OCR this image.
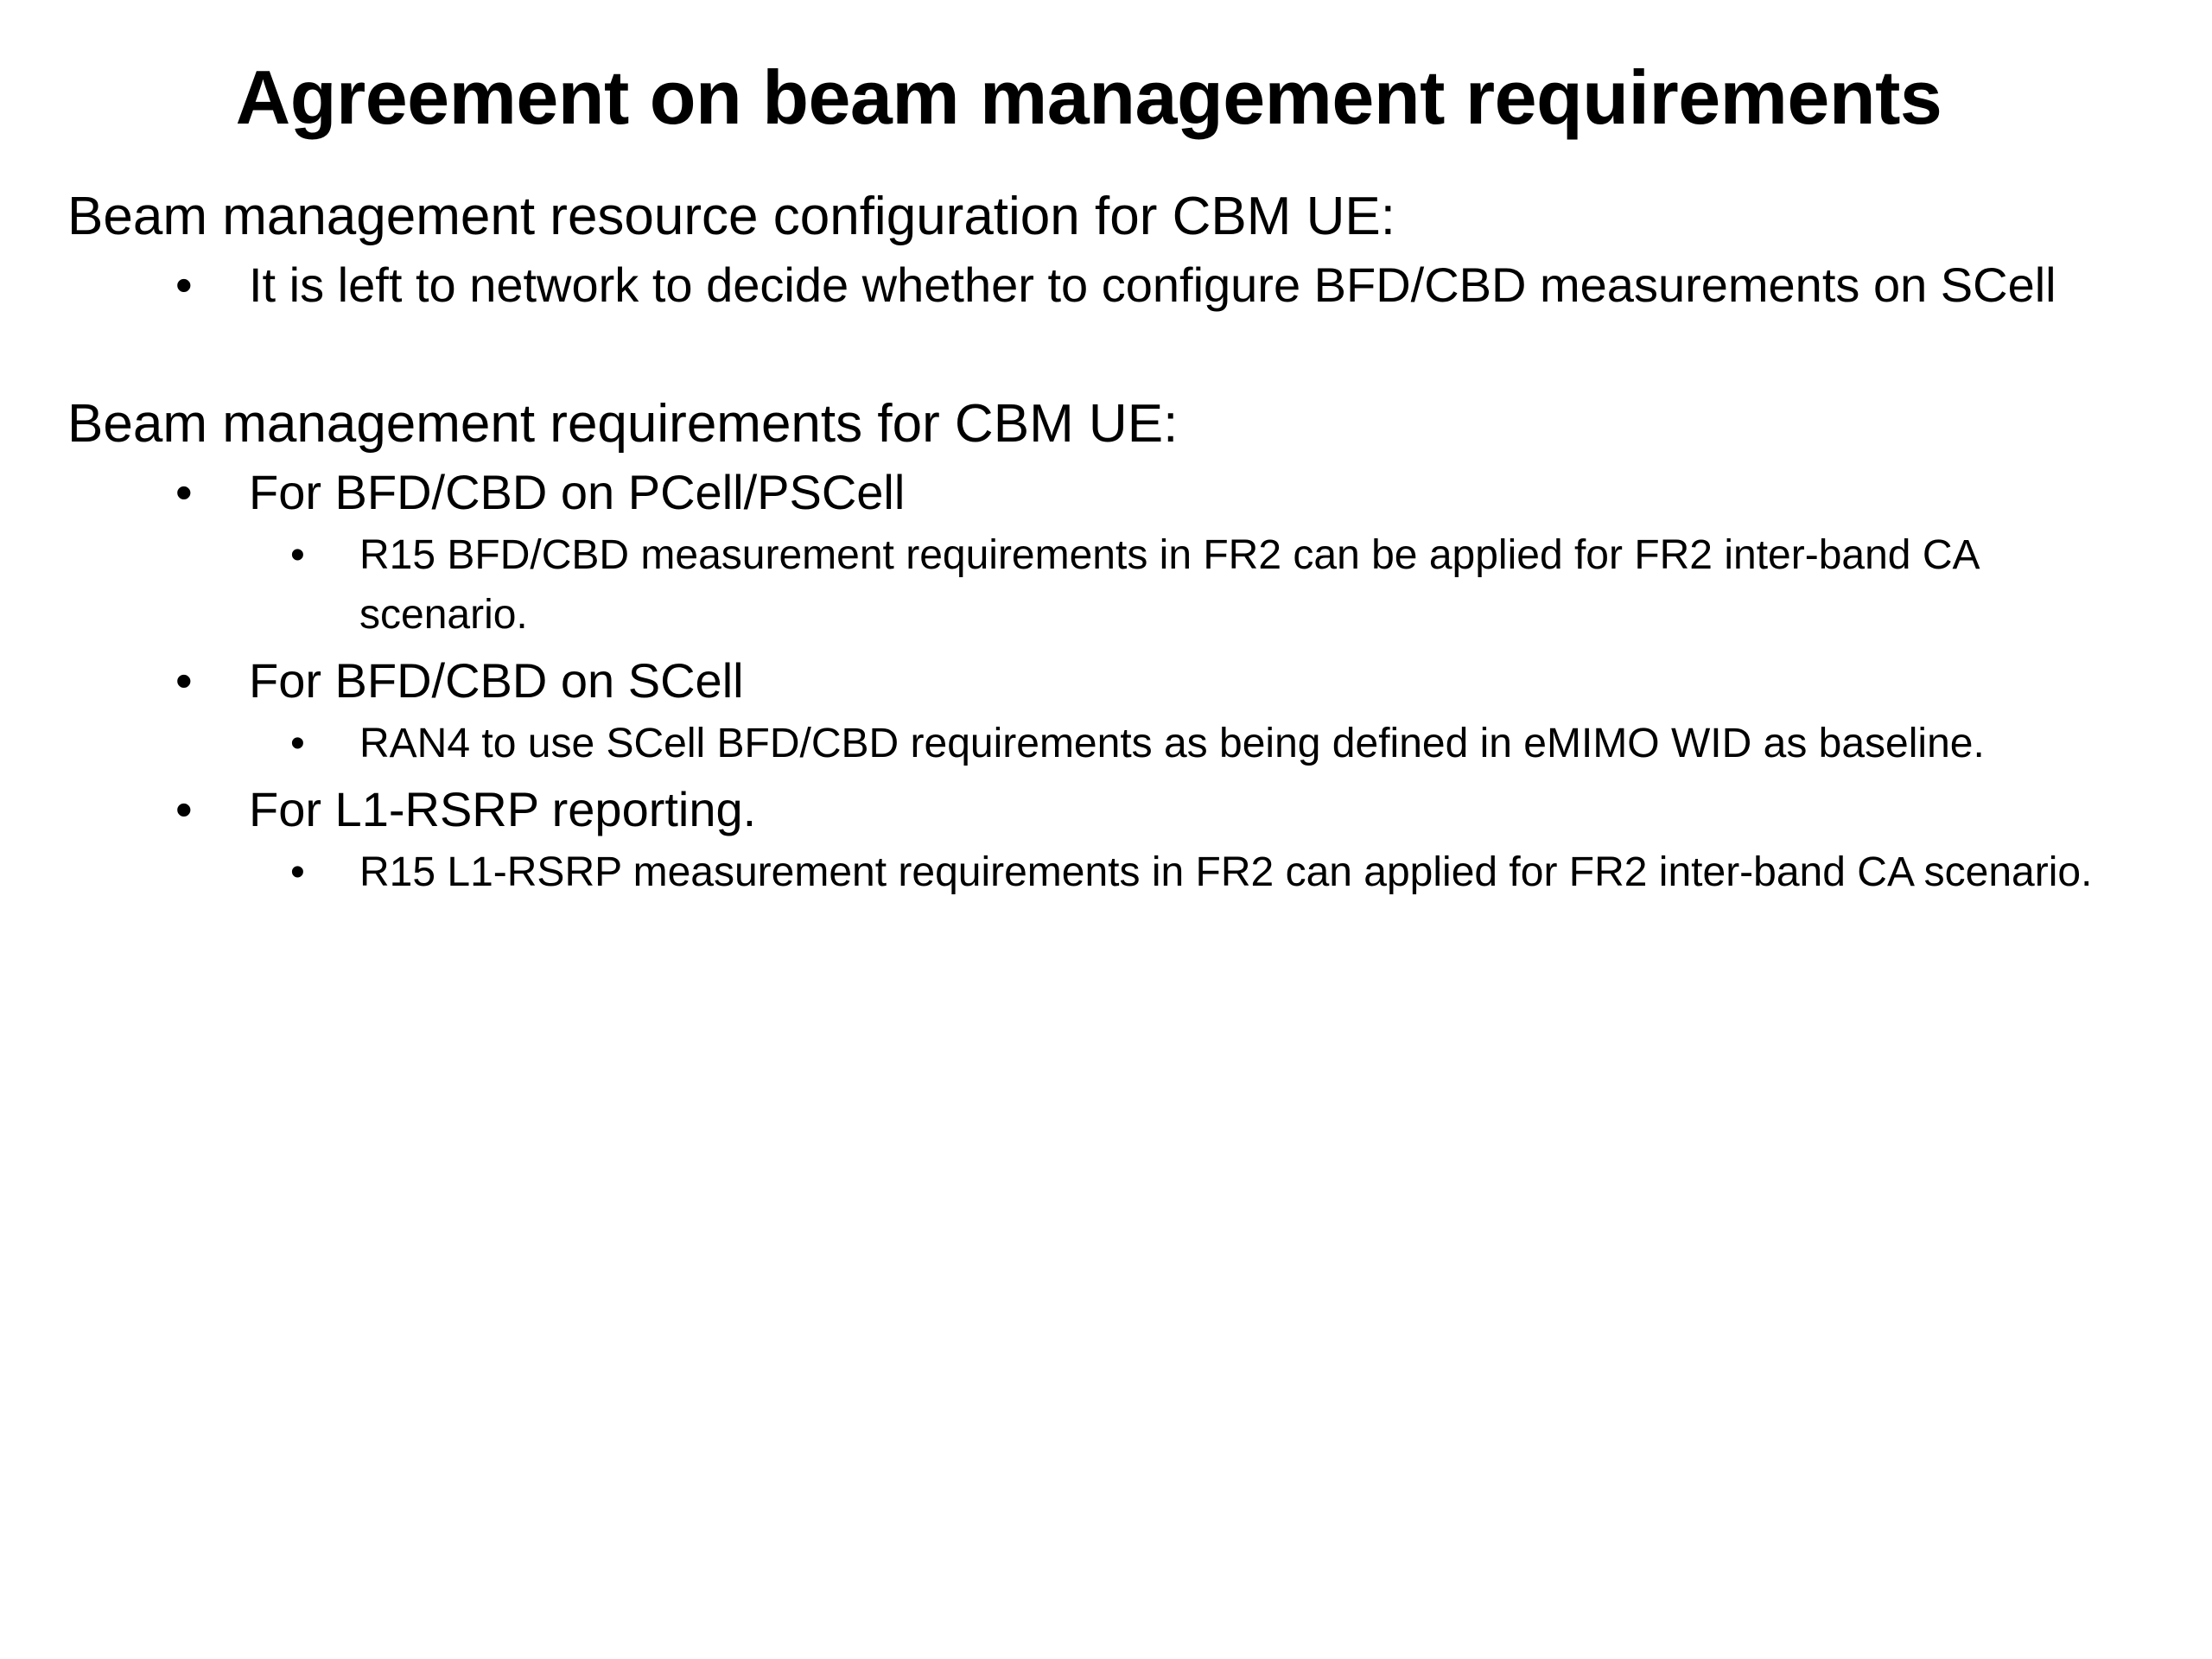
Agreement on beam management requirements
Beam management resource configuration for CBM UE:
• It is left to network to decide whether to configure BFD/CBD measurements on SCell
Beam management requirements for CBM UE:
• For BFD/CBD on PCell/PSCell
• R15 BFD/CBD measurement requirements in FR2 can be applied for FR2 inter-band CA scenario.
• For BFD/CBD on SCell
• RAN4 to use SCell BFD/CBD requirements as being defined in eMIMO WID as baseline.
• For L1-RSRP reporting.
• R15 L1-RSRP measurement requirements in FR2 can applied for FR2 inter-band CA scenario.
